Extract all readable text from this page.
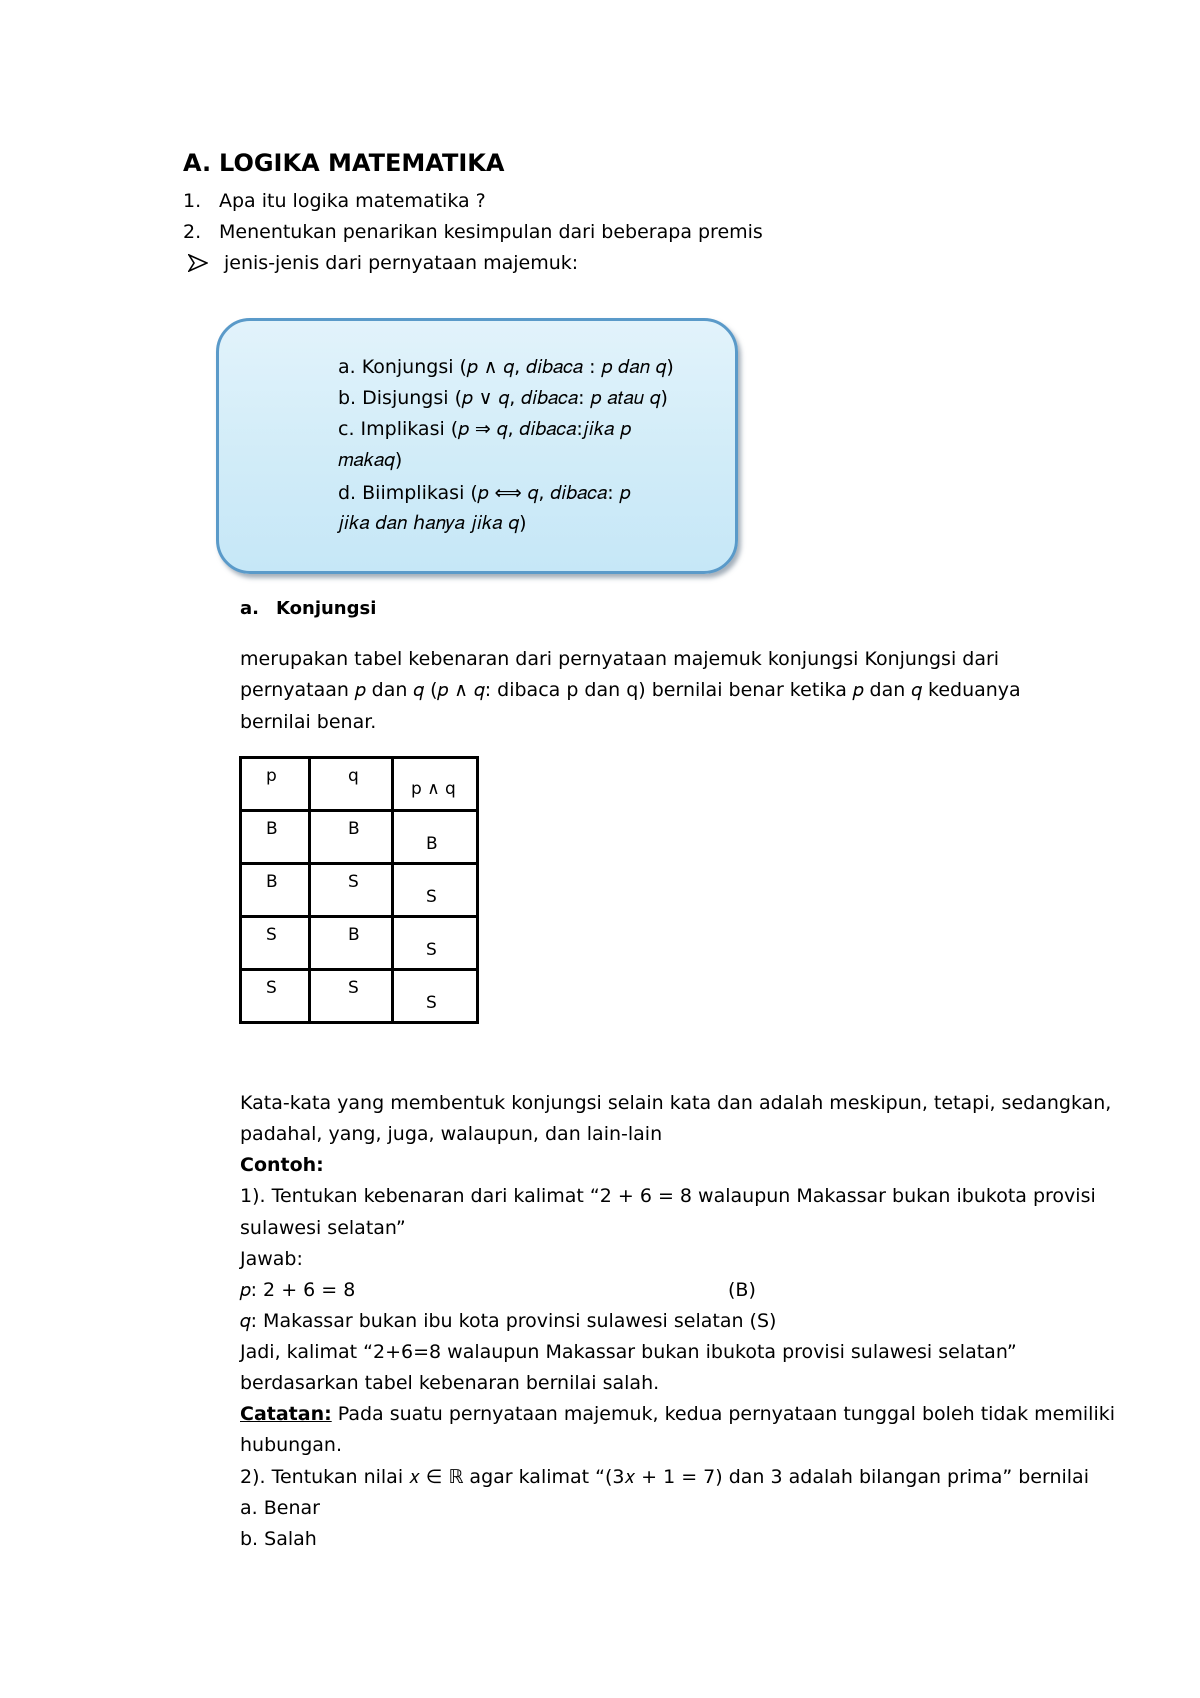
A. LOGIKA MATEMATIKA
1. Apa itu logika matematika ?
2. Menentukan penarikan kesimpulan dari beberapa premis
jenis-jenis dari pernyataan majemuk:
a. Konjungsi (𝑝 ∧ 𝑞, 𝑑𝑖𝑏𝑎𝑐𝑎 : 𝑝 𝑑𝑎𝑛 𝑞)
b. Disjungsi (𝑝 ∨ 𝑞, 𝑑𝑖𝑏𝑎𝑐𝑎: 𝑝 𝑎𝑡𝑎𝑢 𝑞)
c. Implikasi (𝑝 ⇒ 𝑞, 𝑑𝑖𝑏𝑎𝑐𝑎:𝑗𝑖𝑘𝑎 𝑝
𝑚𝑎𝑘𝑎𝑞)
d. Biimplikasi (𝑝 ⟺ 𝑞, 𝑑𝑖𝑏𝑎𝑐𝑎: 𝑝
𝑗𝑖𝑘𝑎 𝑑𝑎𝑛 ℎ𝑎𝑛𝑦𝑎 𝑗𝑖𝑘𝑎 𝑞)
a. Konjungsi
merupakan tabel kebenaran dari pernyataan majemuk konjungsi Konjungsi dari
pernyataan 𝑝 dan 𝑞 (𝑝 ∧ 𝑞: dibaca p dan q) bernilai benar ketika 𝑝 dan 𝑞 keduanya
bernilai benar.
p	q	p ∧ q

B	B	B

B	S	S

S	B	S

S	S	S
Kata-kata yang membentuk konjungsi selain kata dan adalah meskipun, tetapi, sedangkan,
padahal, yang, juga, walaupun, dan lain-lain
Contoh:
1). Tentukan kebenaran dari kalimat “2 + 6 = 8 walaupun Makassar bukan ibukota provisi
sulawesi selatan”
Jawab:
𝑝: 2 + 6 = 8	(B)
𝑞: Makassar bukan ibu kota provinsi sulawesi selatan (S)
Jadi, kalimat “2+6=8 walaupun Makassar bukan ibukota provisi sulawesi selatan”
berdasarkan tabel kebenaran bernilai salah.
Catatan: Pada suatu pernyataan majemuk, kedua pernyataan tunggal boleh tidak memiliki
hubungan.
2). Tentukan nilai 𝑥 ∈ ℝ agar kalimat “(3𝑥 + 1 = 7) dan 3 adalah bilangan prima” bernilai
a. Benar
b. Salah
